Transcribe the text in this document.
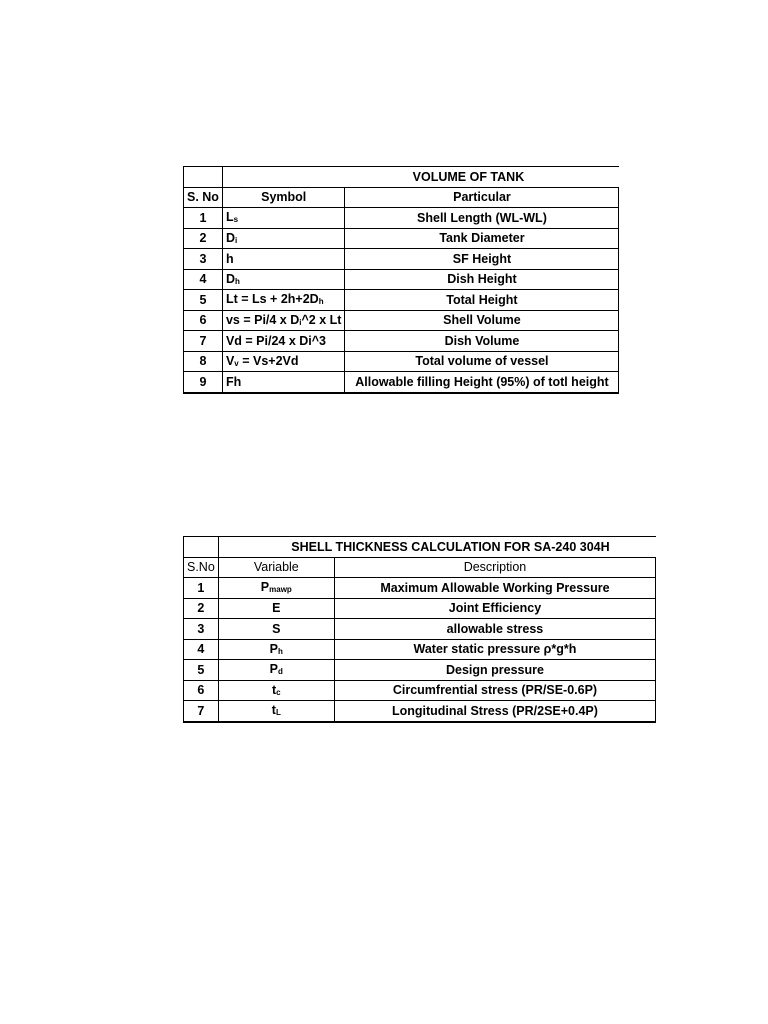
		VOLUME OF TANK

S. No	Symbol	Particular
1	$L_s$	Shell Length (WL-WL)
2	$D_i$	Tank Diameter
3	h	SF Height
4	$D_h$	Dish Height
5	$Lt = Ls + 2h+2D_h$	Total Height
6	vs = Pi/4 x $D_i\^{}2$ x Lt	Shell Volume
7	Vd = Pi/24 x Di^3	Dish Volume
8	$V_v = Vs+2Vd$	Total volume of vessel
9	Fh	Allowable filling Height (95%) of totl height

		SHELL THICKNESS CALCULATION FOR SA-240 304H

S.No	Variable	Description
1	$P_{mawp}$	Maximum Allowable Working Pressure
2	E	Joint Efficiency
3	S	allowable stress
4	$P_h$	Water static pressure ρ*g*h
5	$P_d$	Design pressure
6	$t_c$	Circumfrential stress (PR/SE-0.6P)
7	$t_L$	Longitudinal Stress (PR/2SE+0.4P)
